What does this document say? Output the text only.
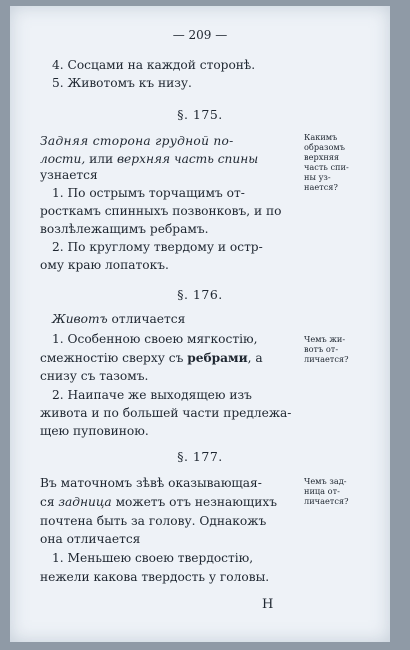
— 209 —
4. Сосцами на каждой сторонѣ.
5. Животомъ къ низу.
§. 175.
Задняя сторона грудной по-
лости, или верхняя часть спины
узнается
1. По острымъ торчащимъ от-
росткамъ спинныхъ позвонковъ, и по
возлѣлежащимъ ребрамъ.
2. По круглому твердому и остр-
ому краю лопатокъ.
Какимъ
образомъ
верхняя
часть спи-
ны уз-
нается?
§. 176.
Животъ отличается
1. Особенною своею мягкостію,
смежностію сверху съ ребрами, а
снизу съ тазомъ.
2. Наипаче же выходящею изъ
живота и по большей части предлежа-
щею пуповиною.
Чемъ жи-
вотъ от-
личается?
§. 177.
Въ маточномъ зѣвѣ оказывающая-
ся задница можетъ отъ незнающихъ
почтена быть за голову. Однакожъ
она отличается
1. Меньшею своею твердостію,
нежели какова твердость у головы.
Чемъ зад-
ница от-
личается?
Н
